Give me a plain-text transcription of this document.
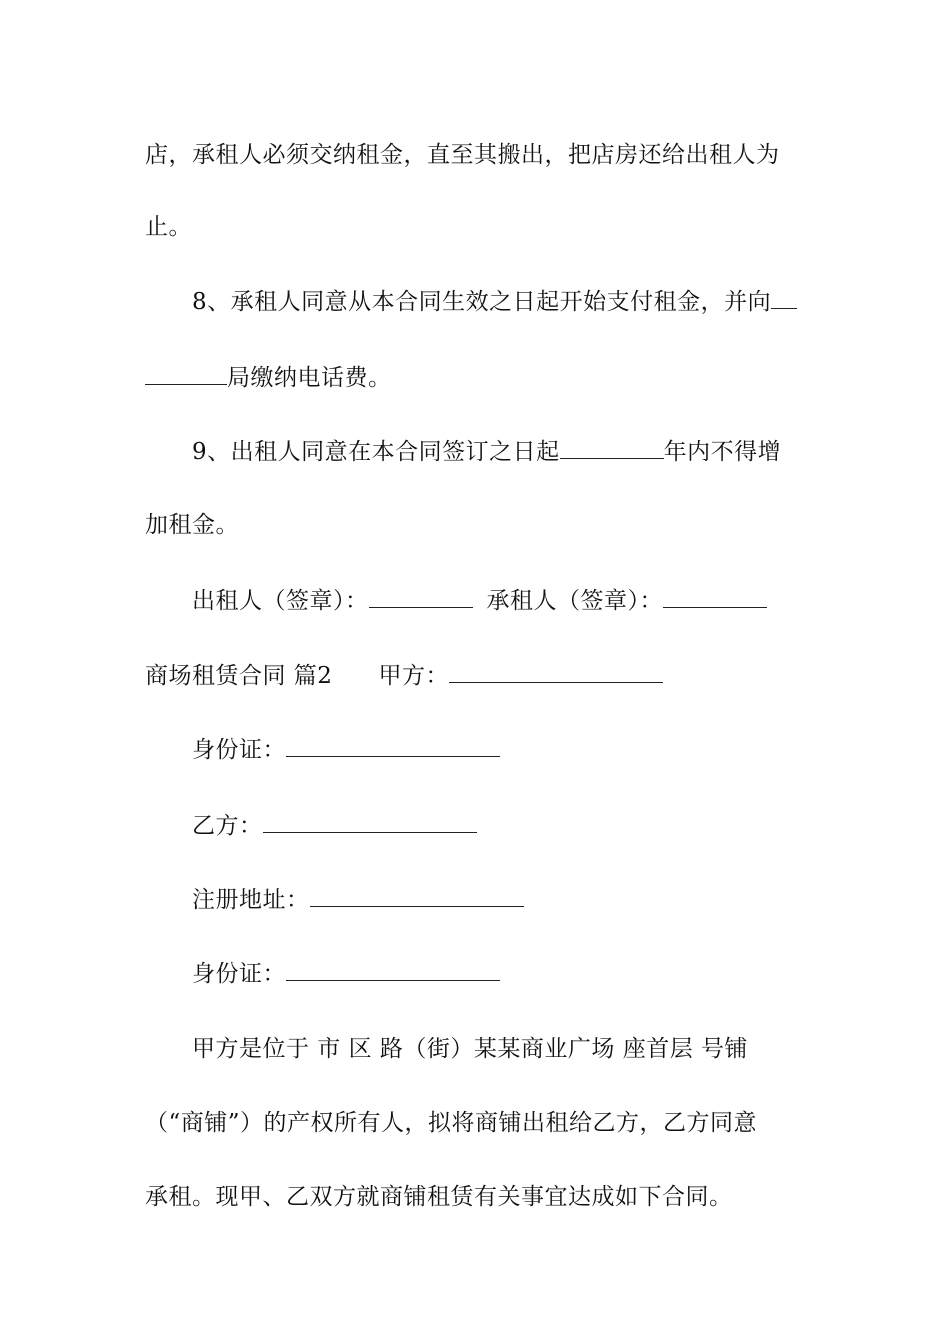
店，承租人必须交纳租金，直至其搬出，把店房还给出租人为
止。
8、承租人同意从本合同生效之日起开始支付租金，并向
局缴纳电话费。
9、出租人同意在本合同签订之日起	年内不得增
加租金。
出租人（签章）：	承租人（签章）：
商场租赁合同 篇2 甲方：
身份证：
乙方：
注册地址：
身份证：
甲方是位于 市 区 路（街）某某商业广场 座首层 号铺
（“商铺”）的产权所有人，拟将商铺出租给乙方，乙方同意
承租。现甲、乙双方就商铺租赁有关事宜达成如下合同。
